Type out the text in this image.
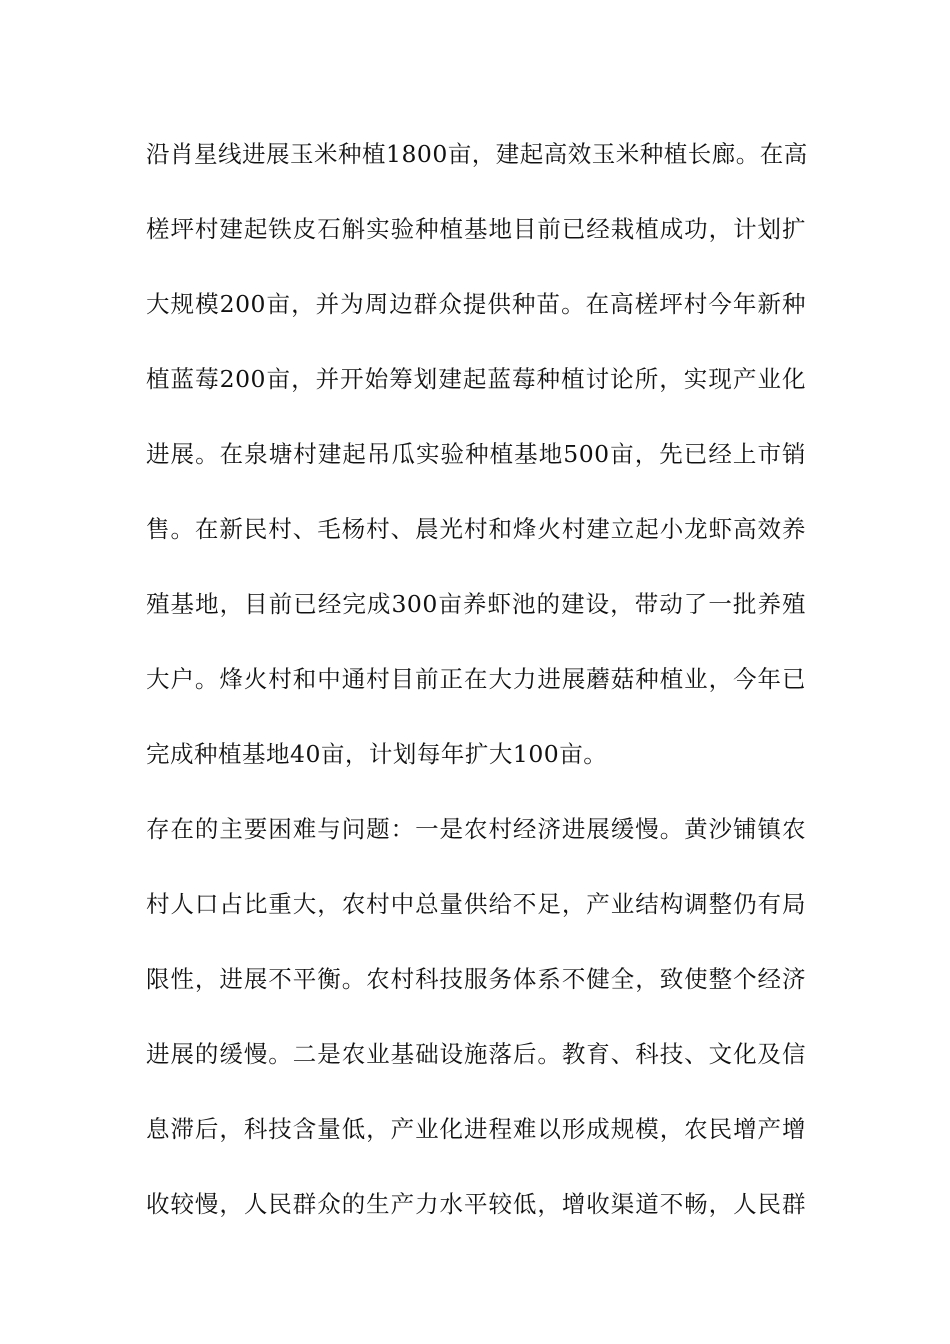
沿肖星线进展玉米种植1800亩，建起高效玉米种植长廊。在高
槎坪村建起铁皮石斛实验种植基地目前已经栽植成功，计划扩
大规模200亩，并为周边群众提供种苗。在高槎坪村今年新种
植蓝莓200亩，并开始筹划建起蓝莓种植讨论所，实现产业化
进展。在泉塘村建起吊瓜实验种植基地500亩，先已经上市销
售。在新民村、毛杨村、晨光村和烽火村建立起小龙虾高效养
殖基地，目前已经完成300亩养虾池的建设，带动了一批养殖
大户。烽火村和中通村目前正在大力进展蘑菇种植业，今年已
完成种植基地40亩，计划每年扩大100亩。
存在的主要困难与问题：一是农村经济进展缓慢。黄沙铺镇农
村人口占比重大，农村中总量供给不足，产业结构调整仍有局
限性，进展不平衡。农村科技服务体系不健全，致使整个经济
进展的缓慢。二是农业基础设施落后。教育、科技、文化及信
息滞后，科技含量低，产业化进程难以形成规模，农民增产增
收较慢，人民群众的生产力水平较低，增收渠道不畅，人民群
